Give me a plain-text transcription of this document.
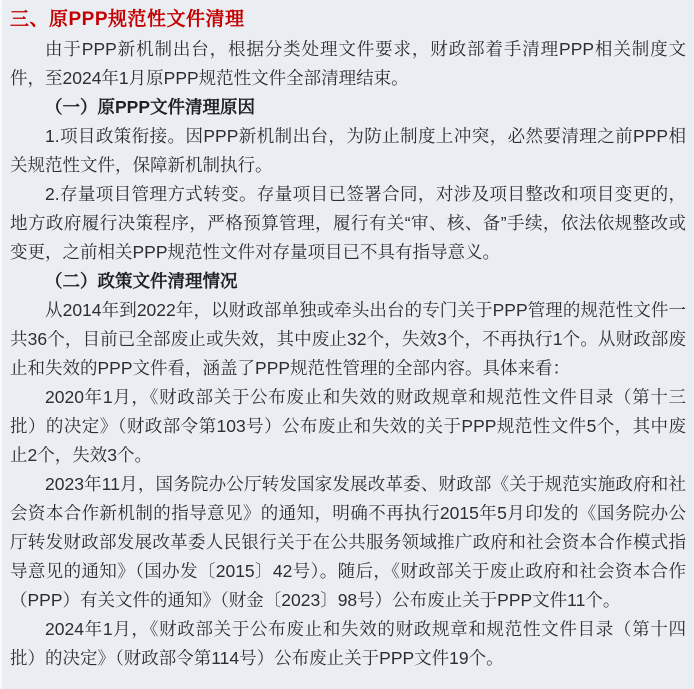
三、原PPP规范性文件清理

由于PPP新机制出台，根据分类处理文件要求，财政部着手清理PPP相关制度文件，至2024年1月原PPP规范性文件全部清理结束。

（一）原PPP文件清理原因

1.项目政策衔接。因PPP新机制出台，为防止制度上冲突，必然要清理之前PPP相关规范性文件，保障新机制执行。

2.存量项目管理方式转变。存量项目已签署合同，对涉及项目整改和项目变更的，地方政府履行决策程序，严格预算管理，履行有关“审、核、备”手续，依法依规整改或变更，之前相关PPP规范性文件对存量项目已不具有指导意义。

（二）政策文件清理情况

从2014年到2022年，以财政部单独或牵头出台的专门关于PPP管理的规范性文件一共36个，目前已全部废止或失效，其中废止32个，失效3个，不再执行1个。从财政部废止和失效的PPP文件看，涵盖了PPP规范性管理的全部内容。具体来看：

2020年1月，《财政部关于公布废止和失效的财政规章和规范性文件目录（第十三批）的决定》（财政部令第103号）公布废止和失效的关于PPP规范性文件5个，其中废止2个，失效3个。

2023年11月，国务院办公厅转发国家发展改革委、财政部《关于规范实施政府和社会资本合作新机制的指导意见》的通知，明确不再执行2015年5月印发的《国务院办公厅转发财政部发展改革委人民银行关于在公共服务领域推广政府和社会资本合作模式指导意见的通知》（国办发〔2015〕42号）。随后，《财政部关于废止政府和社会资本合作（PPP）有关文件的通知》（财金〔2023〕98号）公布废止关于PPP文件11个。

2024年1月，《财政部关于公布废止和失效的财政规章和规范性文件目录（第十四批）的决定》（财政部令第114号）公布废止关于PPP文件19个。
